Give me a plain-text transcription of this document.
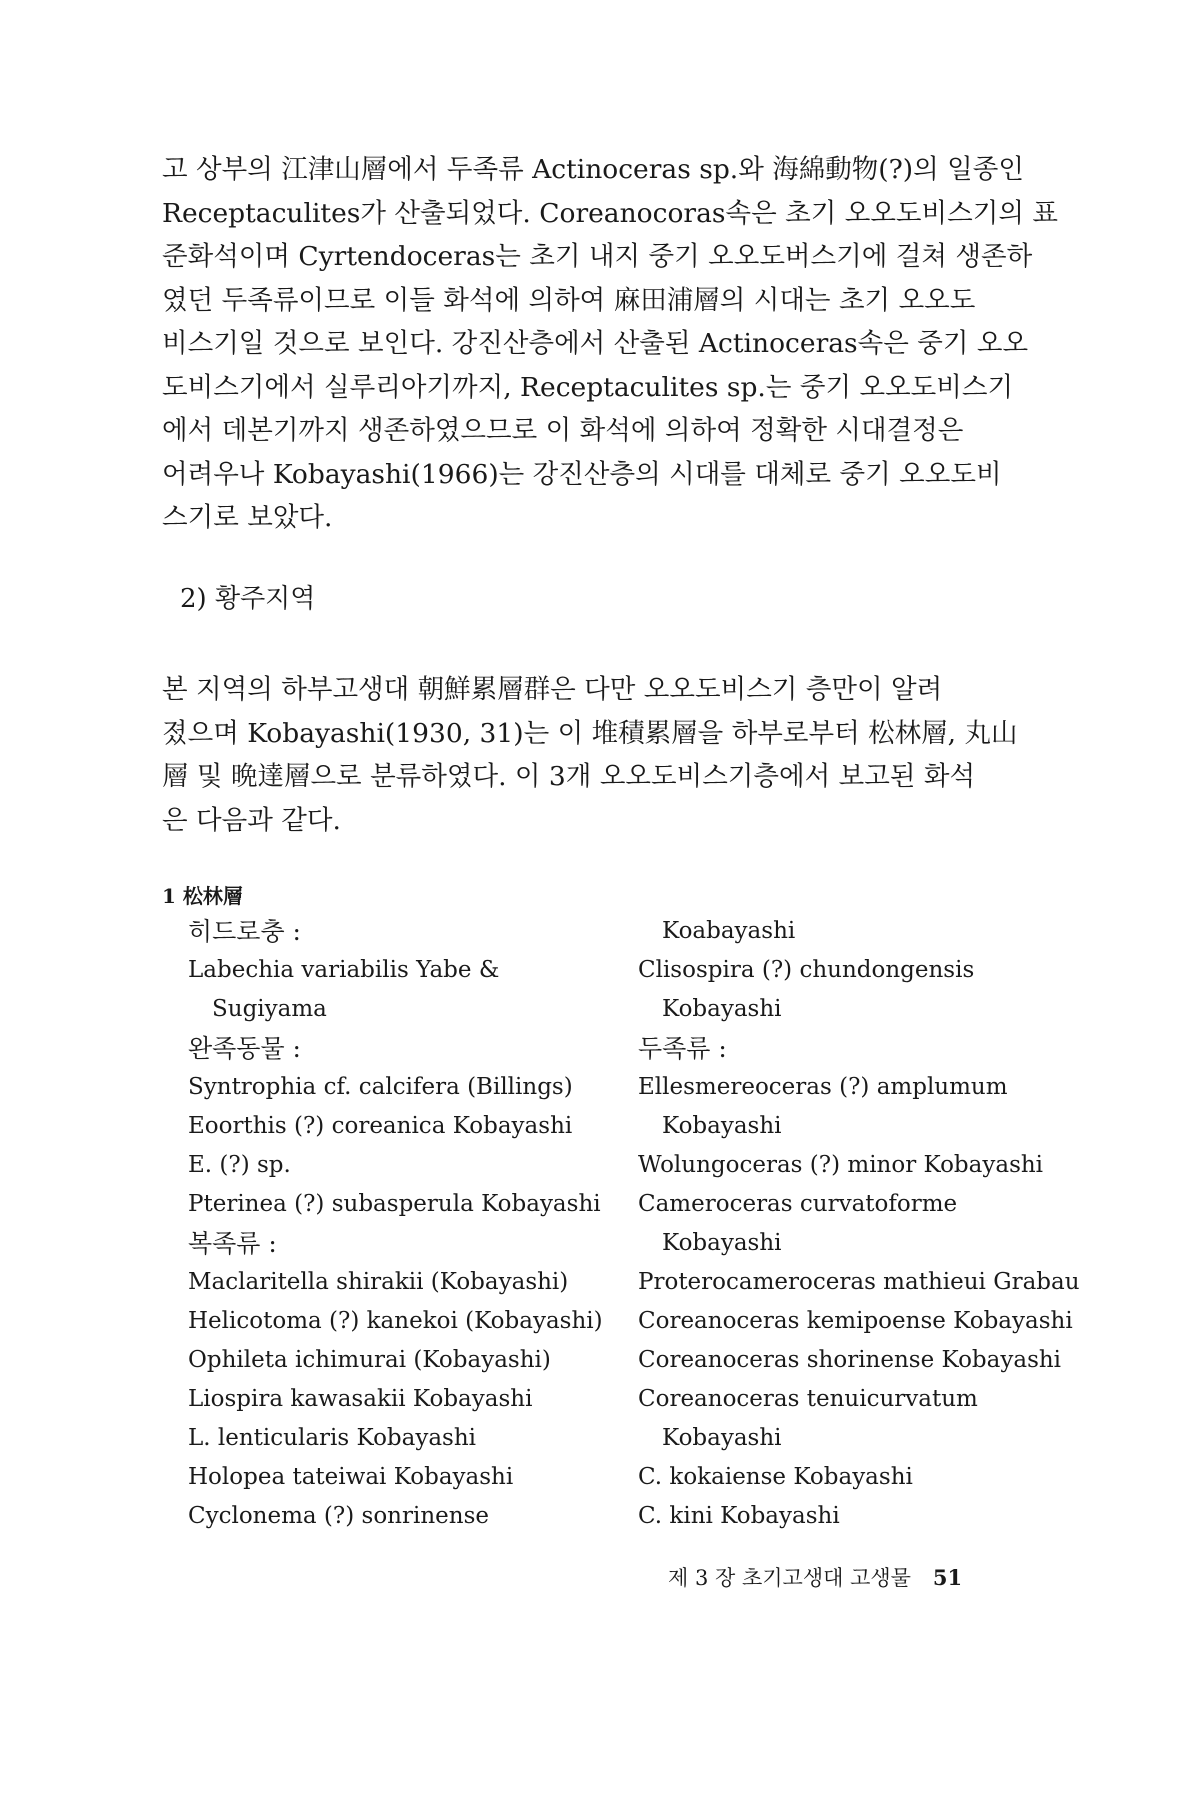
고 상부의 江津山層에서 두족류 Actinoceras sp.와 海綿動物(?)의 일종인
Receptaculites가 산출되었다. Coreanocoras속은 초기 오오도비스기의 표
준화석이며 Cyrtendoceras는 초기 내지 중기 오오도버스기에 걸쳐 생존하
였던 두족류이므로 이들 화석에 의하여 麻田浦層의 시대는 초기 오오도
비스기일 것으로 보인다. 강진산층에서 산출된 Actinoceras속은 중기 오오
도비스기에서 실루리아기까지, Receptaculites sp.는 중기 오오도비스기
에서 데본기까지 생존하였으므로 이 화석에 의하여 정확한 시대결정은
어려우나 Kobayashi(1966)는 강진산층의 시대를 대체로 중기 오오도비
스기로 보았다.

2) 황주지역

본 지역의 하부고생대 朝鮮累層群은 다만 오오도비스기 층만이 알려
졌으며 Kobayashi(1930, 31)는 이 堆積累層을 하부로부터 松林層, 丸山
層 및 晩達層으로 분류하였다. 이 3개 오오도비스기층에서 보고된 화석
은 다음과 같다.

1 松林層

히드로충 :
Labechia variabilis Yabe &
Sugiyama
완족동물 :
Syntrophia cf. calcifera (Billings)
Eoorthis (?) coreanica Kobayashi
E. (?) sp.
Pterinea (?) subasperula Kobayashi
복족류 :
Maclaritella shirakii (Kobayashi)
Helicotoma (?) kanekoi (Kobayashi)
Ophileta ichimurai (Kobayashi)
Liospira kawasakii Kobayashi
L. lenticularis Kobayashi
Holopea tateiwai Kobayashi
Cyclonema (?) sonrinense
Koabayashi
Clisospira (?) chundongensis
Kobayashi
두족류 :
Ellesmereoceras (?) amplumum
Kobayashi
Wolungoceras (?) minor Kobayashi
Cameroceras curvatoforme
Kobayashi
Proterocameroceras mathieui Grabau
Coreanoceras kemipoense Kobayashi
Coreanoceras shorinense Kobayashi
Coreanoceras tenuicurvatum
Kobayashi
C. kokaiense Kobayashi
C. kini Kobayashi
제 3 장 초기고생대 고생물 51
